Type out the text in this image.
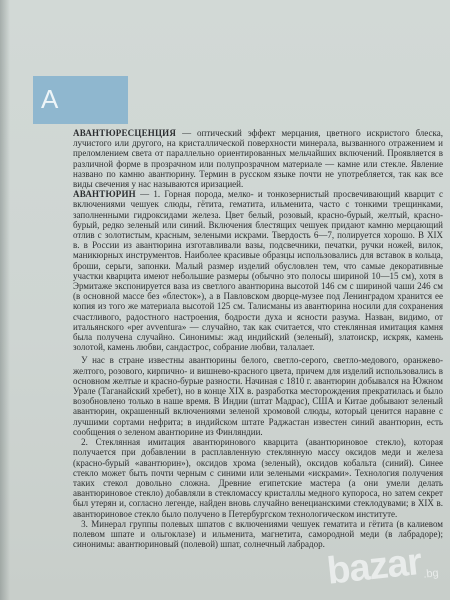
А

АВАНТЮРЕСЦЕНЦИЯ — оптический эффект мерцания, цветного искристого блеска, лучистого или другого, на кристаллической поверхности минерала, вызванного отражением и преломлением света от параллельно ориентированных мельчайших включений. Проявляется в различной форме в прозрачном или полупрозрачном материале — камне или стекле. Явление названо по камню авантюрину. Термин в русском языке почти не употребляется, так как все виды свечения у нас называются иризацией.

АВАНТЮРИН — 1. Горная порода, мелко- и тонкозернистый просвечивающий кварцит с включениями чешуек слюды, гётита, гематита, ильменита, часто с тонкими трещинками, заполненными гидроксидами железа. Цвет белый, розовый, красно-бурый, желтый, красно-бурый, редко зеленый или синий. Включения блестящих чешуек придают камню мерцающий отлив с золотистым, красным, зелеными искрами. Твердость 6—7, полируется хорошо. В XIX в. в России из авантюрина изготавливали вазы, подсвечники, печатки, ручки ножей, вилок, маникюрных инструментов. Наиболее красивые образцы использовались для вставок в кольца, броши, серьги, запонки. Малый размер изделий обусловлен тем, что самые декоративные участки кварцита имеют небольшие размеры (обычно это полосы шириной 10—15 см), хотя в Эрмитаже экспонируется ваза из светлого авантюрина высотой 146 см с шириной чаши 246 см (в основной массе без «блесток»), а в Павловском дворце-музее под Ленинградом хранится ее копия из того же материала высотой 125 см. Талисманы из авантюрина носили для сохранения счастливого, радостного настроения, бодрости духа и ясности разума. Назван, видимо, от итальянского «per avventura» — случайно, так как считается, что стеклянная имитация камня была получена случайно. Синонимы: жад индийский (зеленый), златоискр, искряк, камень золотой, камень любви, сандастрос, собрание любви, талалает.

У нас в стране известны авантюрины белого, светло-серого, светло-медового, оранжево-желтого, розового, кирпично- и вишнево-красного цвета, причем для изделий использовались в основном желтые и красно-бурые разности. Начиная с 1810 г. авантюрин добывался на Южном Урале (Таганайский хребет), но в конце XIX в. разработка месторождения прекратилась и было возобновлено только в наше время. В Индии (штат Мадрас), США и Китае добывают зеленый авантюрин, окрашенный включениями зеленой хромовой слюды, который ценится наравне с лучшими сортами нефрита; в индийском штате Раджастан известен синий авантюрин, есть сообщения о зеленом авантюрине из Финляндии.

2. Стеклянная имитация авантюринового кварцита (авантюриновое стекло), которая получается при добавлении в расплавленную стеклянную массу оксидов меди и железа (красно-бурый «авантюрин»), оксидов хрома (зеленый), оксидов кобальта (синий). Синее стекло может быть почти черным с синими или зелеными «искрами». Технология получения таких стекол довольно сложна. Древние египетские мастера (а они умели делать авантюриновое стекло) добавляли в стекломассу кристаллы медного купороса, но затем секрет был утерян и, согласно легенде, найден вновь случайно венецианскими стеклодувами; в XIX в. авантюриновое стекло было получено в Петербургском технологическом институте.

3. Минерал группы полевых шпатов с включениями чешуек гематита и гётита (в калиевом полевом шпате и ольгоклазе) и ильменита, магнетита, самородной меди (в лабрадоре); синонимы: авантюриновый (полевой) шпат, солнечный лабрадор. bazar .bg
